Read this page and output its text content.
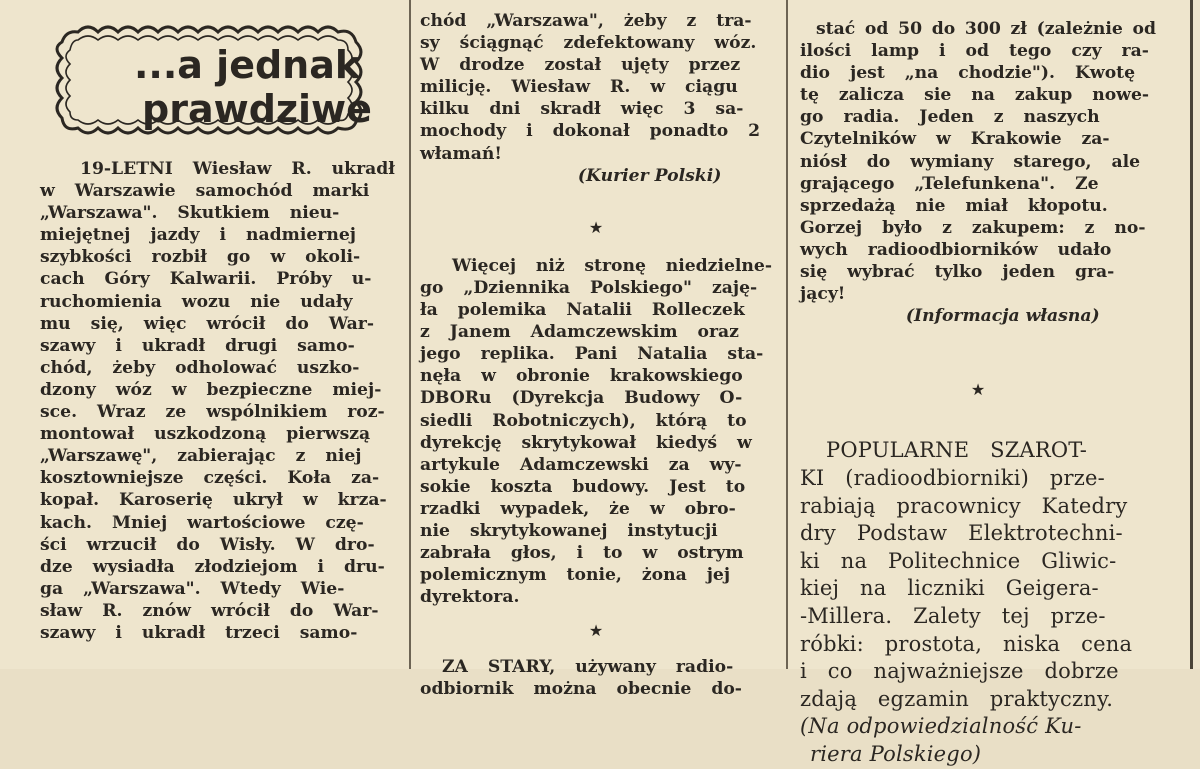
...a jednak
prawdziwe
19-LETNI Wiesław R. ukradł
w Warszawie samochód marki
„Warszawa". Skutkiem nieu-
miejętnej jazdy i nadmiernej
szybkości rozbił go w okoli-
cach Góry Kalwarii. Próby u-
ruchomienia wozu nie udały
mu się, więc wrócił do War-
szawy i ukradł drugi samo-
chód, żeby odholować uszko-
dzony wóz w bezpieczne miej-
sce. Wraz ze wspólnikiem roz-
montował uszkodzoną pierwszą
„Warszawę", zabierając z niej
kosztowniejsze części. Koła za-
kopał. Karoserię ukrył w krza-
kach. Mniej wartościowe czę-
ści wrzucił do Wisły. W dro-
dze wysiadła złodziejom i dru-
ga „Warszawa". Wtedy Wie-
sław R. znów wrócił do War-
szawy i ukradł trzeci samo-
chód „Warszawa", żeby z tra-
sy ściągnąć zdefektowany wóz.
W drodze został ujęty przez
milicję. Wiesław R. w ciągu
kilku dni skradł więc 3 sa-
mochody i dokonał ponadto 2
włamań!

(Kurier Polski)

★
Więcej niż stronę niedzielne-
go „Dziennika Polskiego" zaję-
ła polemika Natalii Rolleczek
z Janem Adamczewskim oraz
jego replika. Pani Natalia sta-
nęła w obronie krakowskiego
DBORu (Dyrekcja Budowy O-
siedli Robotniczych), którą to
dyrekcję skrytykował kiedyś w
artykule Adamczewski za wy-
sokie koszta budowy. Jest to
rzadki wypadek, że w obro-
nie skrytykowanej instytucji
zabrała głos, i to w ostrym
polemicznym tonie, żona jej
dyrektora.
★
ZA STARY, używany radio-
odbiornik można obecnie do-
stać od 50 do 300 zł (zależnie od
ilości lamp i od tego czy ra-
dio jest „na chodzie"). Kwotę
tę zalicza sie na zakup nowe-
go radia. Jeden z naszych
Czytelników w Krakowie za-
niósł do wymiany starego, ale
grającego „Telefunkena". Ze
sprzedażą nie miał kłopotu.
Gorzej było z zakupem: z no-
wych radioodbiorników udało
się wybrać tylko jeden gra-
jący!

(Informacja własna)

★
POPULARNE SZAROT-
KI (radioodbiorniki) prze-
rabiają pracownicy Katedry
dry Podstaw Elektrotechni-
ki na Politechnice Gliwic-
kiej na liczniki Geigera-
-Millera. Zalety tej prze-
róbki: prostota, niska cena
i co najważniejsze dobrze
zdają egzamin praktyczny.
(Na odpowiedzialność Ku-
riera Polskiego)
